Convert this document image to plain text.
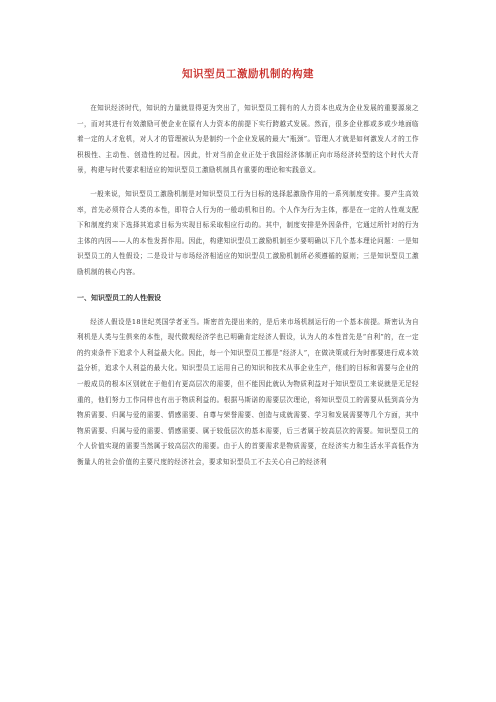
知识型员工激励机制的构建

在知识经济时代，知识的力量就显得更为突出了，知识型员工拥有的人力资本也成为企业发展的重要源泉之一，而对其进行有效激励可使企业在原有人力资本的前提下实行跨越式发展。然而，很多企业都或多或少地面临着一定的人才危机，对人才的管理被认为是制约一个企业发展的最大“瓶颈”。管理人才就是如何激发人才的工作积极性、主动性、创造性的过程。因此，针对当前企业正处于我国经济体制正向市场经济转型的这个时代大背景，构建与时代要求相适应的知识型员工激励机制具有重要的理论和实践意义。

一般来说，知识型员工激励机制是对知识型员工行为目标的选择起激励作用的一系列制度安排。要产生高效率，首先必须符合人类的本性，即符合人行为的一般动机和目的。个人作为行为主体，都是在一定的人性观支配下和制度约束下选择其追求目标为实现目标采取相应行动的。其中，制度安排是外因条件，它通过所针对的行为主体的内因——人的本性发挥作用。因此，构建知识型员工激励机制至少要明确以下几个基本理论问题：一是知识型员工的人性假设；二是设计与市场经济相适应的知识型员工激励机制所必须遵循的原则；三是知识型员工激励机制的核心内容。

一、知识型员工的人性假设

经济人假设是18世纪英国学者亚当。斯密首先提出来的，是后来市场机制运行的一个基本前提。斯密认为自利机是人类与生俱来的本性，现代微观经济学也已明确肯定经济人假设，认为人的本性首先是“自利”的，在一定的约束条件下追求个人利益最大化。因此，每一个知识型员工都是“经济人”，在做决策或行为时都要进行成本效益分析，追求个人利益的最大化。知识型员工运用自己的知识和技术从事企业生产，他们的目标和需要与企业的一般成员的根本区别就在于他们有更高层次的需要，但不能因此就认为物质利益对于知识型员工来说就是无足轻重的，他们努力工作同样也有出于物质利益的。根据马斯诺的需要层次理论，将知识型员工的需要从低到高分为物质需要、归属与爱的需要、情感需要、自尊与荣誉需要、创造与成就需要、学习和发展需要等几个方面，其中物质需要、归属与爱的需要、情感需要、属于较低层次的基本需要，后三者属于较高层次的需要。知识型员工的个人价值实现的需要当然属于较高层次的需要。由于人的首要需求是物质需要，在经济实力和生活水平高低作为衡量人的社会价值的主要尺度的经济社会，要求知识型员工不去关心自己的经济利
